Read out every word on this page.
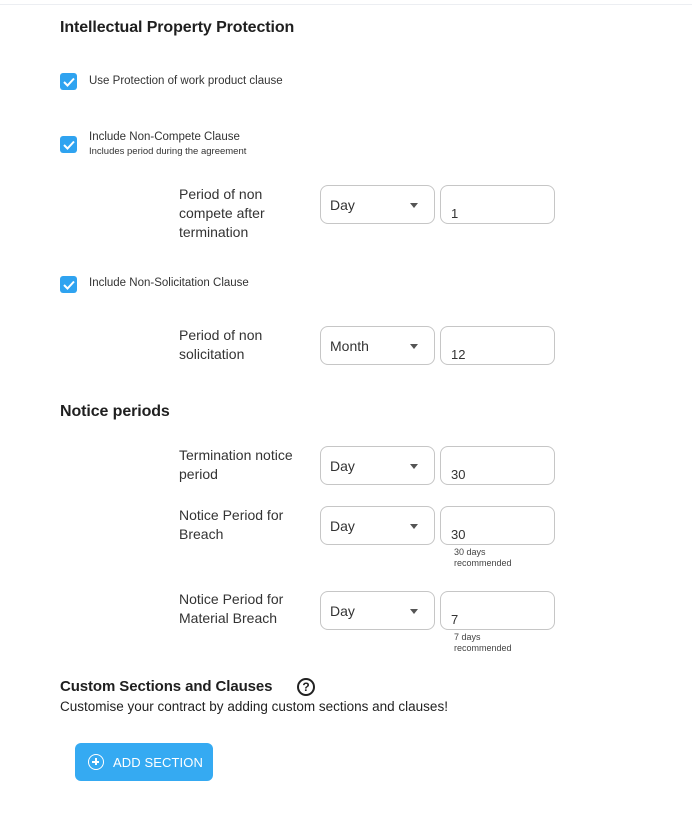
Intellectual Property Protection
Use Protection of work product clause
Include Non-Compete Clause
Includes period during the agreement
Period of non compete after termination
Day
1
Include Non-Solicitation Clause
Period of non solicitation
Month
12
Notice periods
Termination notice period
Day
30
Notice Period for Breach
Day
30
30 days recommended
Notice Period for Material Breach	Day
7
7 days recommended
Custom Sections and Clauses	?
Customise your contract by adding custom sections and clauses!
ADD SECTION
